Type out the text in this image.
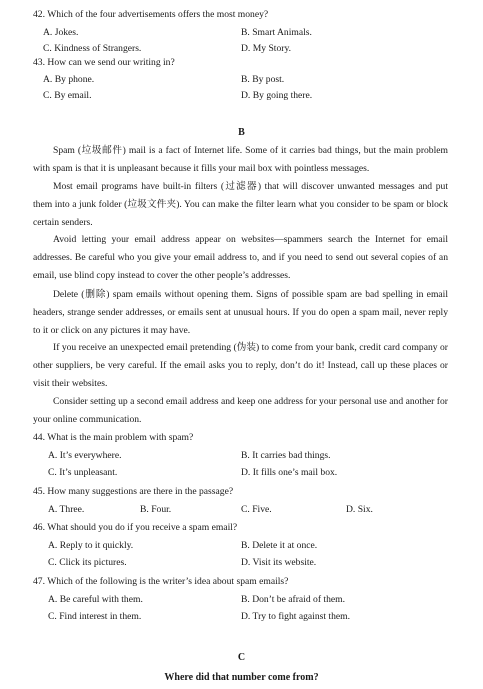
42. Which of the four advertisements offers the most money?
A. Jokes.	B. Smart Animals.
C. Kindness of Strangers.	D. My Story.
43. How can we send our writing in?
A. By phone.	B. By post.
C. By email.	D. By going there.
B

Spam (垃圾邮件) mail is a fact of Internet life. Some of it carries bad things, but the main problem with spam is that it is unpleasant because it fills your mail box with pointless messages.

Most email programs have built-in filters (过滤器) that will discover unwanted messages and put them into a junk folder (垃圾文件夹). You can make the filter learn what you consider to be spam or block certain senders.

Avoid letting your email address appear on websites—spammers search the Internet for email addresses. Be careful who you give your email address to, and if you need to send out several copies of an email, use blind copy instead to cover the other people’s addresses.

Delete (删除) spam emails without opening them. Signs of possible spam are bad spelling in email headers, strange sender addresses, or emails sent at unusual hours. If you do open a spam mail, never reply to it or click on any pictures it may have.

If you receive an unexpected email pretending (伪装) to come from your bank, credit card company or other suppliers, be very careful. If the email asks you to reply, don’t do it! Instead, call up these places or visit their websites.

Consider setting up a second email address and keep one address for your personal use and another for your online communication.

44. What is the main problem with spam?
A. It’s everywhere.	B. It carries bad things.
C. It’s unpleasant.	D. It fills one’s mail box.
45. How many suggestions are there in the passage?
A. Three.	B. Four.	C. Five.	D. Six.
46. What should you do if you receive a spam email?
A. Reply to it quickly.	B. Delete it at once.
C. Click its pictures.	D. Visit its website.
47. Which of the following is the writer’s idea about spam emails?
A. Be careful with them.	B. Don’t be afraid of them.
C. Find interest in them.	D. Try to fight against them.
C
Where did that number come from?
